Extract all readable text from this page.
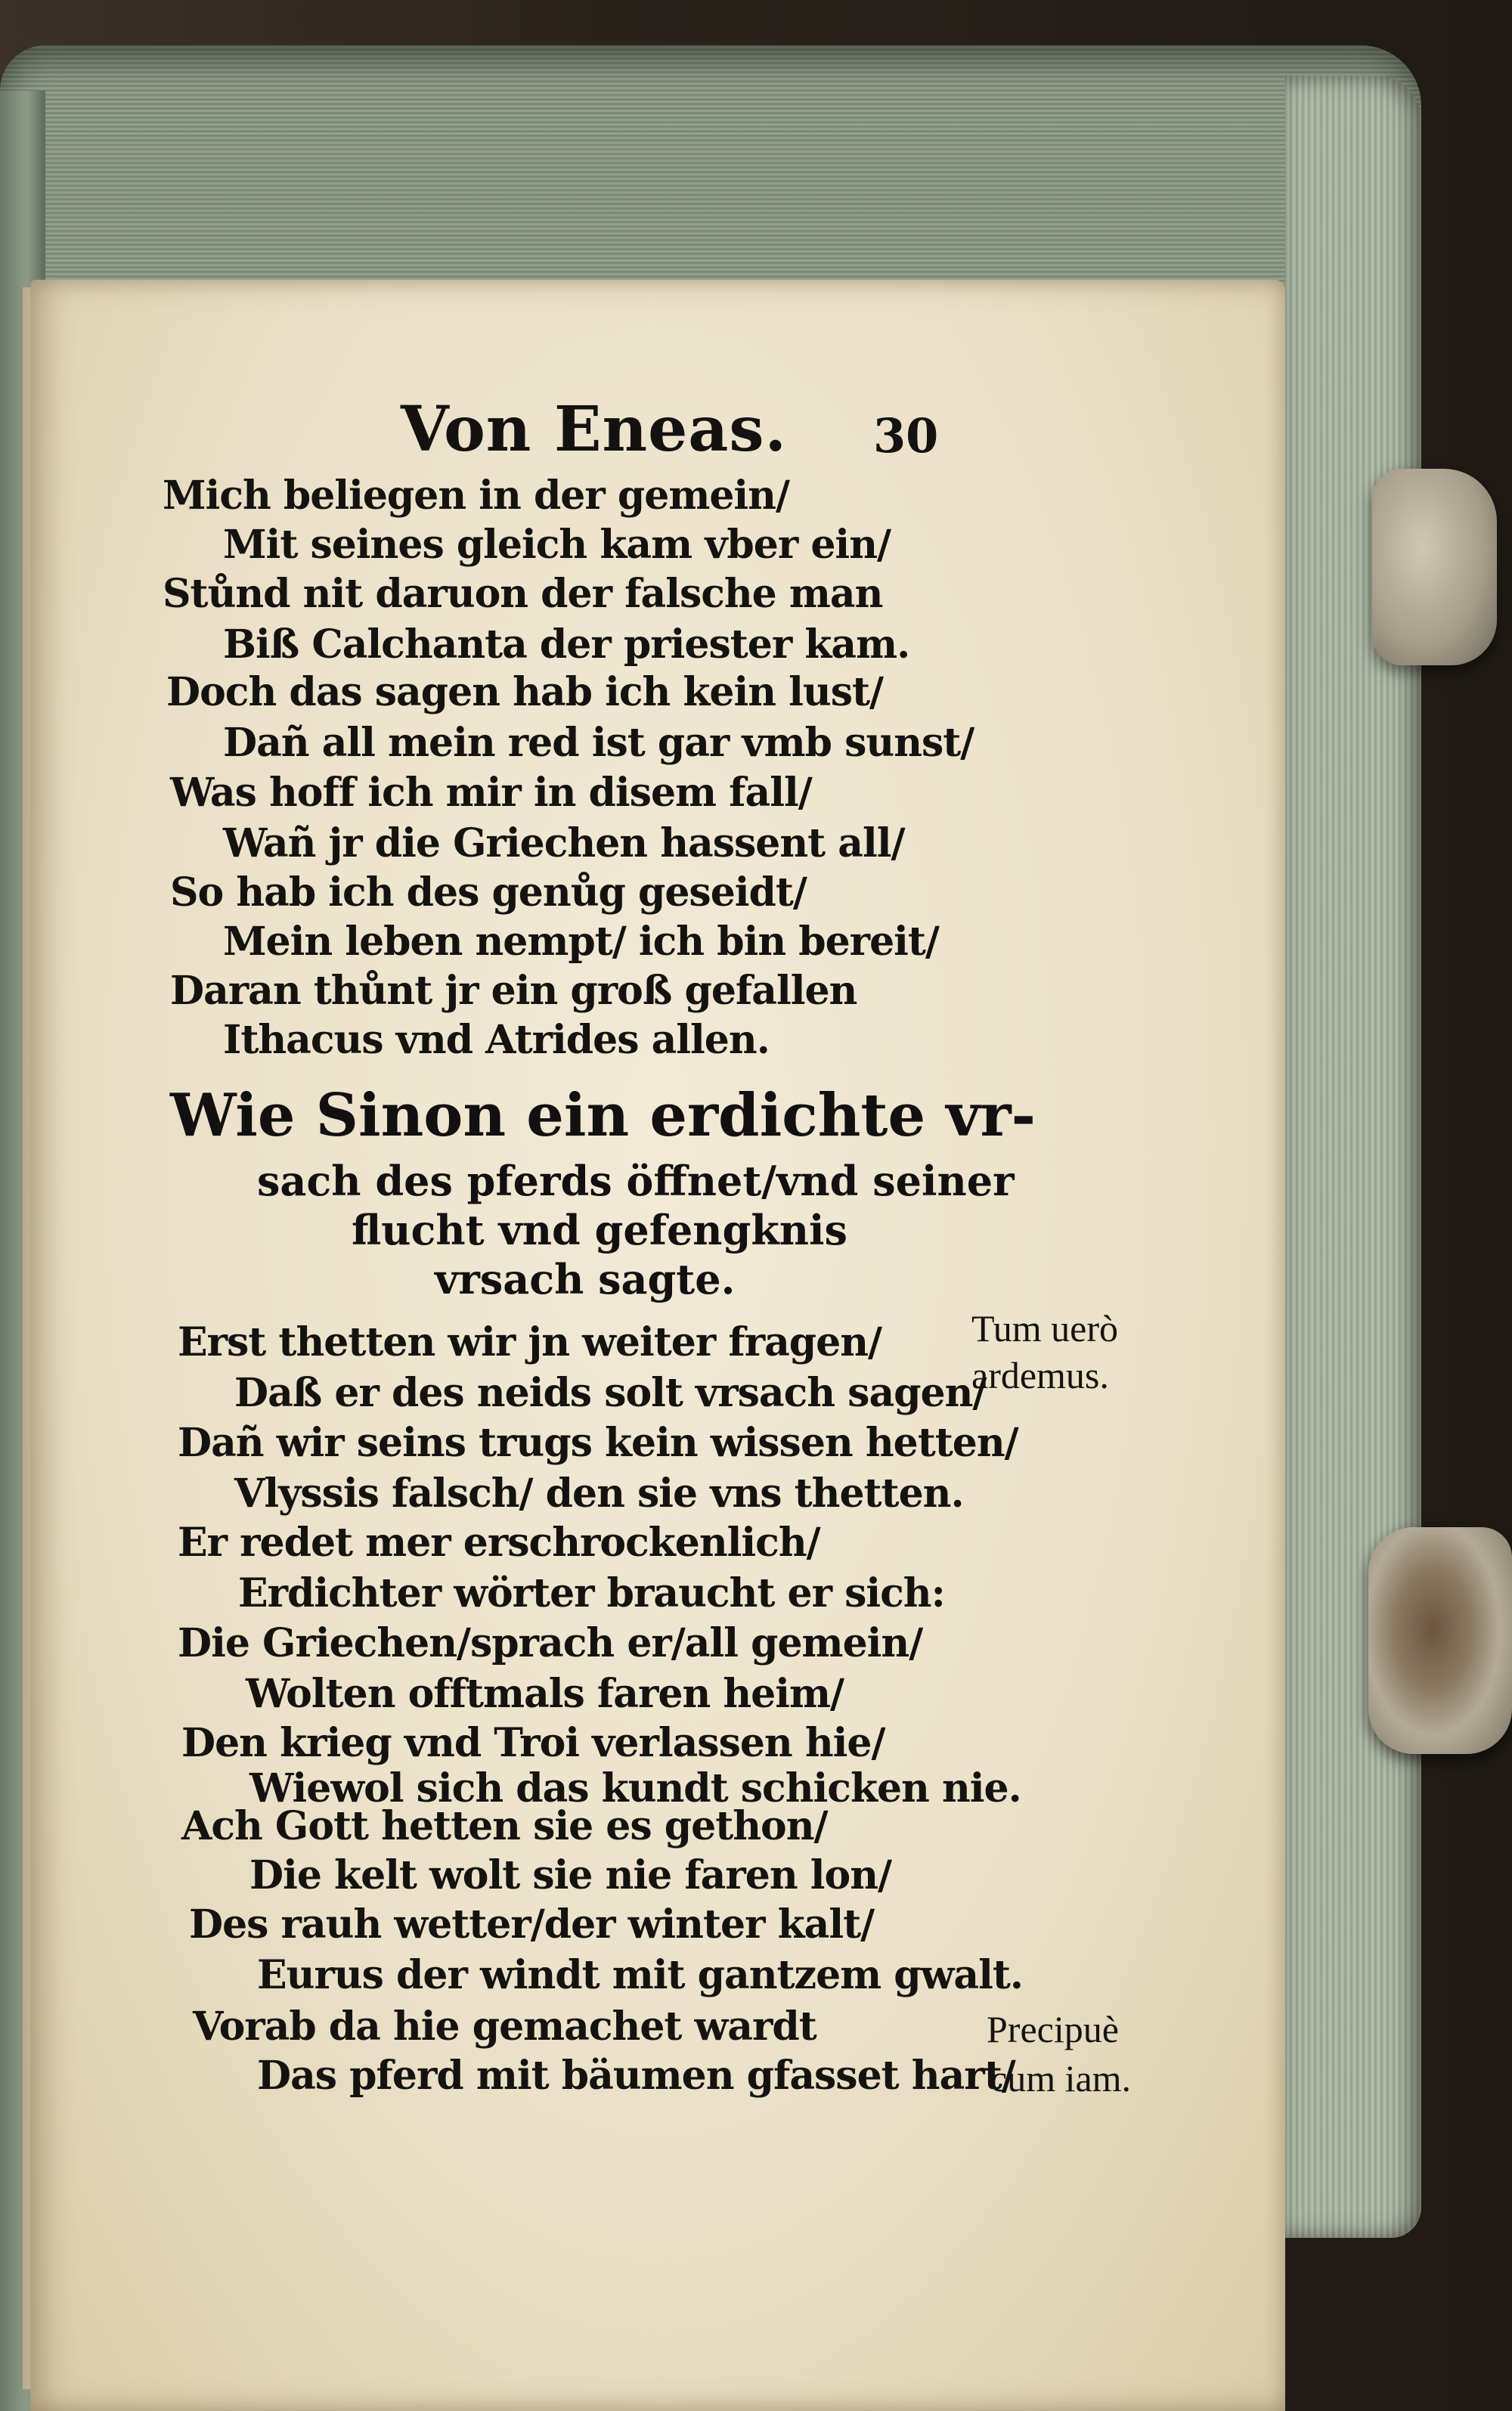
Von Eneas. 30
Mich beliegen in der gemein/
Mit seines gleich kam vber ein/
Stůnd nit daruon der falsche man
Biß Calchanta der priester kam.
Doch das sagen hab ich kein lust/
Dañ all mein red ist gar vmb sunst/
Was hoff ich mir in disem fall/
Wañ jr die Griechen hassent all/
So hab ich des genůg geseidt/
Mein leben nempt/ ich bin bereit/
Daran thůnt jr ein groß gefallen
Ithacus vnd Atrides allen.
Wie Sinon ein erdichte vr-
sach des pferds öffnet/vnd seiner
flucht vnd gefengknis
vrsach sagte.
Erst thetten wir jn weiter fragen/
Daß er des neids solt vrsach sagen/
Dañ wir seins trugs kein wissen hetten/
Vlyssis falsch/ den sie vns thetten.
Er redet mer erschrockenlich/
Erdichter wörter braucht er sich:
Die Griechen/sprach er/all gemein/
Wolten offtmals faren heim/
Den krieg vnd Troi verlassen hie/
Wiewol sich das kundt schicken nie.
Ach Gott hetten sie es gethon/
Die kelt wolt sie nie faren lon/
Des rauh wetter/der winter kalt/
Eurus der windt mit gantzem gwalt.
Vorab da hie gemachet wardt
Das pferd mit bäumen gfasset hart/
Tum uerò
ardemus.
Precipuè
cum iam.
